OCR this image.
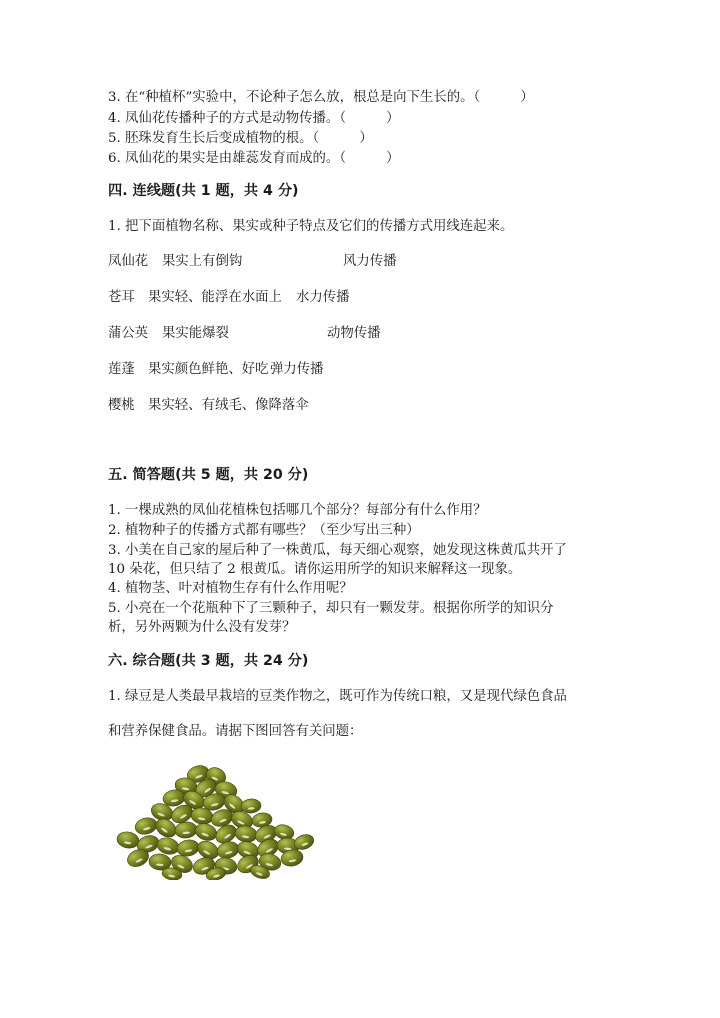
3. 在“种植杯”实验中，不论种子怎么放，根总是向下生长的。（　　　）
4. 凤仙花传播种子的方式是动物传播。（　　　）
5. 胚珠发育生长后变成植物的根。（　　　）
6. 凤仙花的果实是由雄蕊发育而成的。（　　　）
四. 连线题(共 1 题，共 4 分)
1. 把下面植物名称、果实或种子特点及它们的传播方式用线连起来。
凤仙花 果实上有倒钩	风力传播
苍耳 果实轻、能浮在水面上 水力传播
蒲公英 果实能爆裂	动物传播
莲蓬 果实颜色鲜艳、好吃 弹力传播
樱桃 果实轻、有绒毛、像降落伞
五. 简答题(共 5 题，共 20 分)
1. 一棵成熟的凤仙花植株包括哪几个部分？每部分有什么作用？
2. 植物种子的传播方式都有哪些？（至少写出三种）
3. 小美在自己家的屋后种了一株黄瓜，每天细心观察，她发现这株黄瓜共开了
10 朵花，但只结了 2 根黄瓜。请你运用所学的知识来解释这一现象。
4. 植物茎、叶对植物生存有什么作用呢？
5. 小亮在一个花瓶种下了三颗种子，却只有一颗发芽。根据你所学的知识分
析，另外两颗为什么没有发芽？
六. 综合题(共 3 题，共 24 分)
1. 绿豆是人类最早栽培的豆类作物之，既可作为传统口粮，又是现代绿色食品
和营养保健食品。请据下图回答有关问题：
